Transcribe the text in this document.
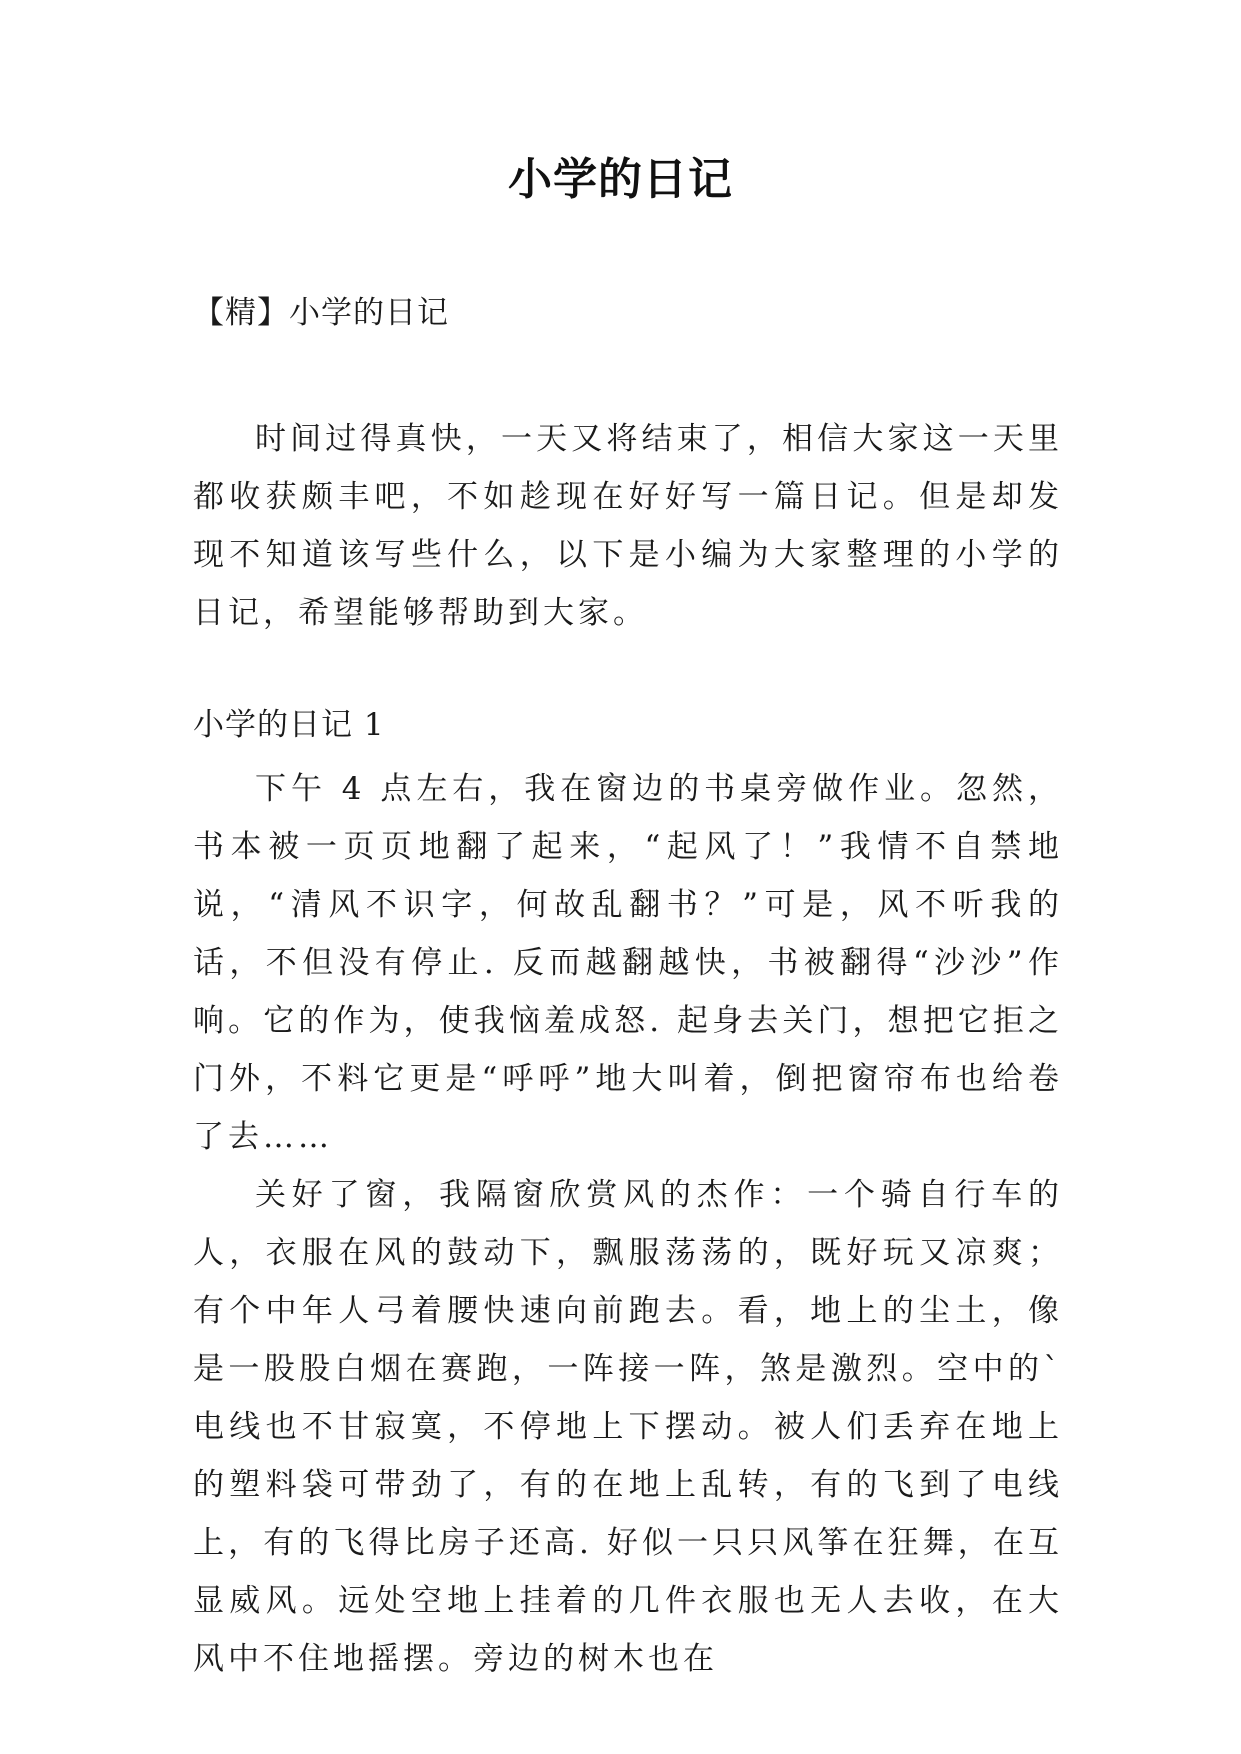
小学的日记
【精】小学的日记

时间过得真快，一天又将结束了，相信大家这一天里都收获颇丰吧，不如趁现在好好写一篇日记。但是却发现不知道该写些什么，以下是小编为大家整理的小学的日记，希望能够帮助到大家。

小学的日记 1

下午 4 点左右，我在窗边的书桌旁做作业。忽然，书本被一页页地翻了起来，“起风了！”我情不自禁地说，“清风不识字，何故乱翻书？”可是，风不听我的话，不但没有停止. 反而越翻越快，书被翻得“沙沙”作响。它的作为，使我恼羞成怒. 起身去关门，想把它拒之门外，不料它更是“呼呼”地大叫着，倒把窗帘布也给卷了去……

关好了窗，我隔窗欣赏风的杰作：一个骑自行车的人，衣服在风的鼓动下，飘服荡荡的，既好玩又凉爽；有个中年人弓着腰快速向前跑去。看，地上的尘土，像是一股股白烟在赛跑，一阵接一阵，煞是激烈。空中的`电线也不甘寂寞，不停地上下摆动。被人们丢弃在地上的塑料袋可带劲了，有的在地上乱转，有的飞到了电线上，有的飞得比房子还高. 好似一只只风筝在狂舞，在互显威风。远处空地上挂着的几件衣服也无人去收，在大风中不住地摇摆。旁边的树木也在
